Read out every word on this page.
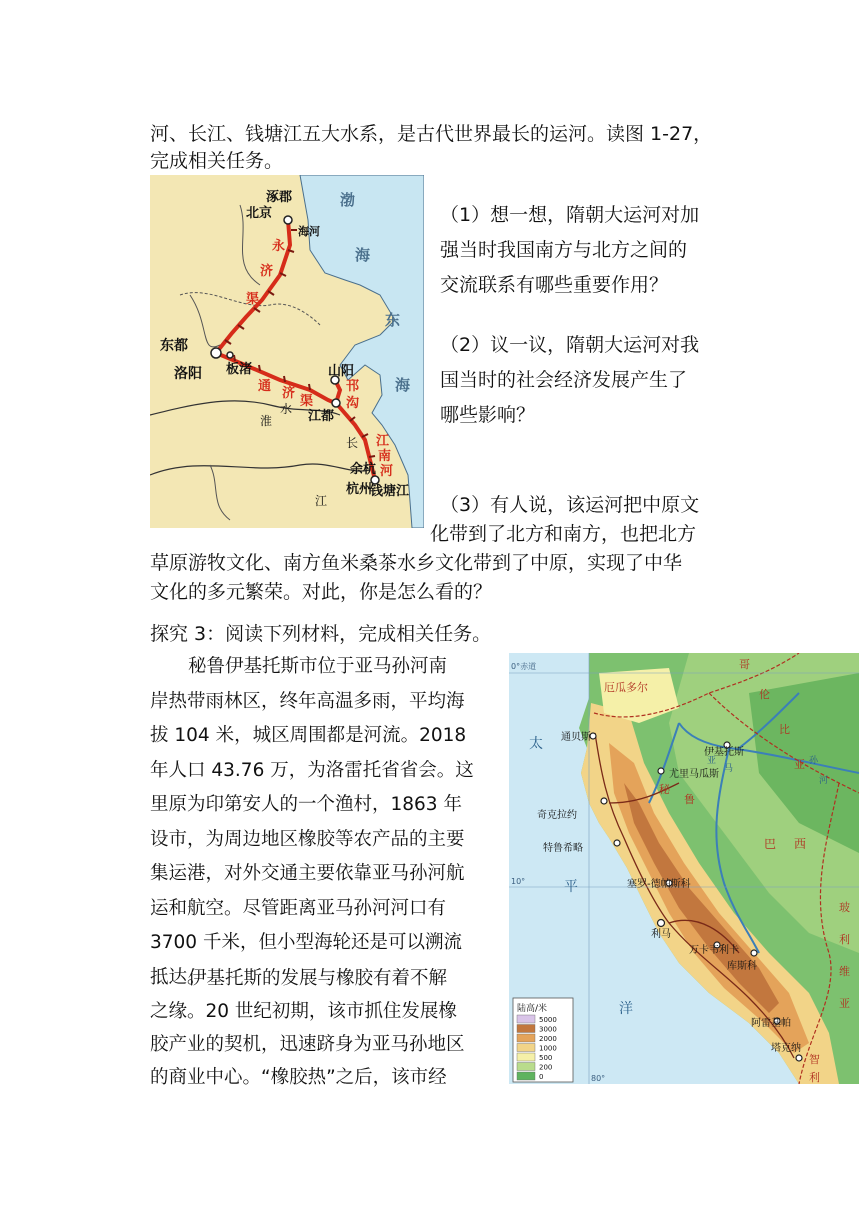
河、长江、钱塘江五大水系，是古代世界最长的运河。读图 1-27，
完成相关任务。
涿郡
北京
海河
渤
海
东
海
东都
洛阳 板渚	山阳
江都
淮
水
长
江
余杭
杭州
钱塘江
永
济
渠
通 济
渠
邗
沟
江
南
河
（1）想一想，隋朝大运河对加
强当时我国南方与北方之间的
交流联系有哪些重要作用？
（2）议一议，隋朝大运河对我
国当时的社会经济发展产生了
哪些影响？
（3）有人说，该运河把中原文
化带到了北方和南方，也把北方
草原游牧文化、南方鱼米桑茶水乡文化带到了中原，实现了中华
文化的多元繁荣。对此，你是怎么看的？
探究 3：阅读下列材料，完成相关任务。
秘鲁伊基托斯市位于亚马孙河南
岸热带雨林区，终年高温多雨，平均海
拔 104 米，城区周围都是河流。2018
年人口 43.76 万，为洛雷托省省会。这
里原为印第安人的一个渔村，1863 年
设市，为周边地区橡胶等农产品的主要
集运港，对外交通主要依靠亚马孙河航
运和航空。尽管距离亚马孙河河口有
3700 千米，但小型海轮还是可以溯流
抵达。
伊基托斯的发展与橡胶有着不解
之缘。20 世纪初期，该市抓住发展橡
胶产业的契机，迅速跻身为亚马孙地区
的商业中心。“橡胶热”之后，该市经
陆高/米
5000
3000
2000
1000
500
200
0
0°赤道
10°
80°
厄瓜多尔
哥
伦
比
亚
巴 西
玻
利
维
亚
秘
鲁
智
利
太
平
洋
亚
马
孙
河
通贝斯
伊基托斯
尤里马瓜斯
奇克拉约
特鲁希略
塞罗-德帕斯科
利马
万卡韦利卡
库斯科
阿雷基帕
塔克纳
